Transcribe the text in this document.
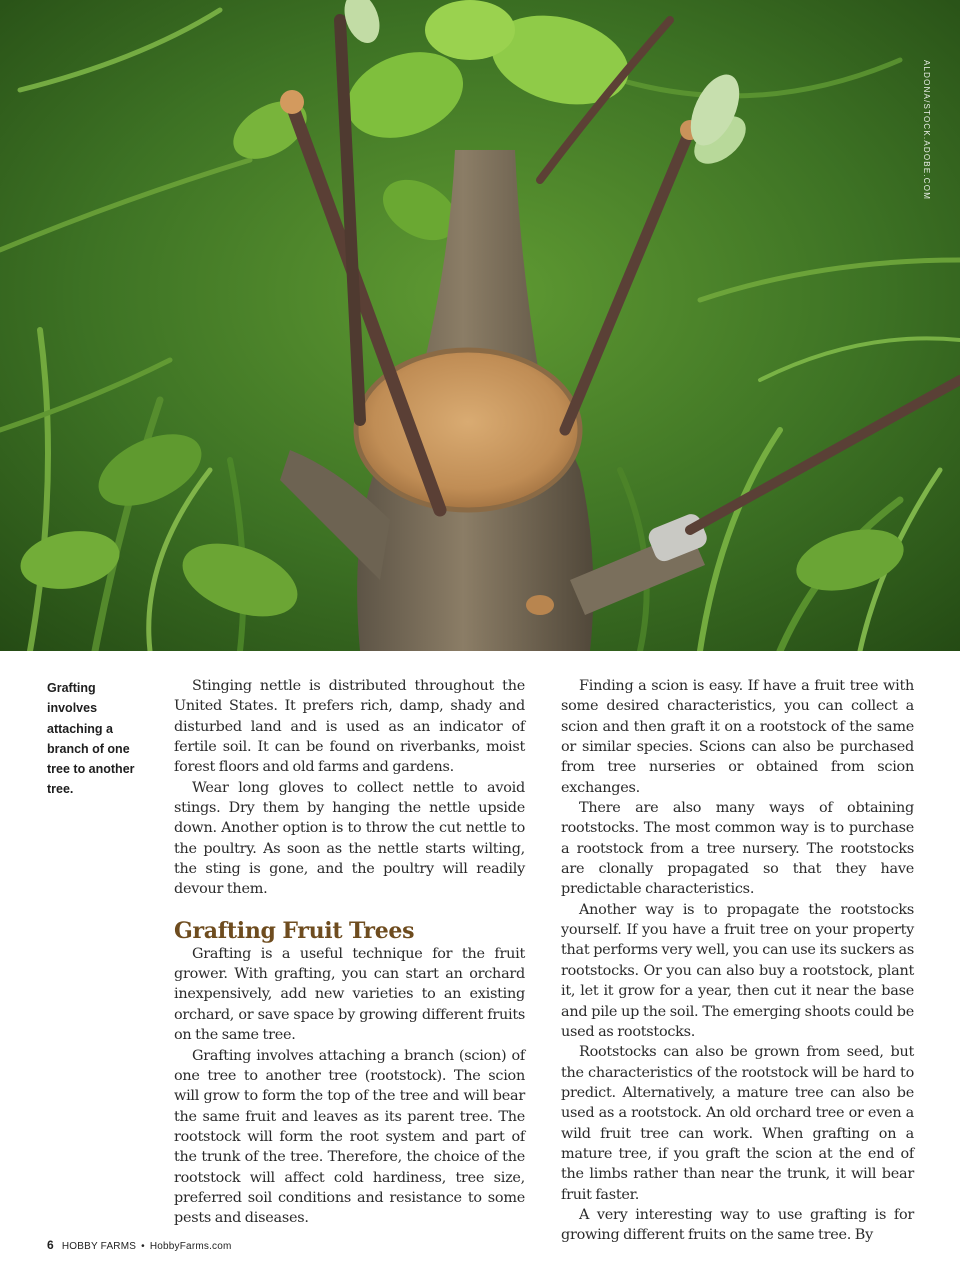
ALDONA/STOCK.ADOBE.COM
Grafting involves attaching a branch of one tree to another tree.

Stinging nettle is distributed throughout the United States. It prefers rich, damp, shady and disturbed land and is used as an indicator of fertile soil. It can be found on riverbanks, moist forest floors and old farms and gardens.

Wear long gloves to collect nettle to avoid stings. Dry them by hanging the nettle upside down. Another option is to throw the cut nettle to the poultry. As soon as the nettle starts wilting, the sting is gone, and the poultry will readily devour them.

Grafting Fruit Trees

Grafting is a useful technique for the fruit grower. With grafting, you can start an orchard inexpensively, add new varieties to an existing orchard, or save space by growing different fruits on the same tree.

Grafting involves attaching a branch (scion) of one tree to another tree (rootstock). The scion will grow to form the top of the tree and will bear the same fruit and leaves as its parent tree. The rootstock will form the root system and part of the trunk of the tree. Therefore, the choice of the rootstock will affect cold hardiness, tree size, preferred soil conditions and resistance to some pests and diseases.

Finding a scion is easy. If have a fruit tree with some desired characteristics, you can collect a scion and then graft it on a rootstock of the same or similar species. Scions can also be purchased from tree nurseries or obtained from scion exchanges.

There are also many ways of obtaining rootstocks. The most common way is to purchase a rootstock from a tree nursery. The rootstocks are clonally propagated so that they have predictable characteristics.

Another way is to propagate the rootstocks yourself. If you have a fruit tree on your property that performs very well, you can use its suckers as rootstocks. Or you can also buy a rootstock, plant it, let it grow for a year, then cut it near the base and pile up the soil. The emerging shoots could be used as rootstocks.

Rootstocks can also be grown from seed, but the characteristics of the rootstock will be hard to predict. Alternatively, a mature tree can also be used as a rootstock. An old orchard tree or even a wild fruit tree can work. When grafting on a mature tree, if you graft the scion at the end of the limbs rather than near the trunk, it will bear fruit faster.

A very interesting way to use grafting is for growing different fruits on the same tree. By

6 HOBBY FARMS • HobbyFarms.com
